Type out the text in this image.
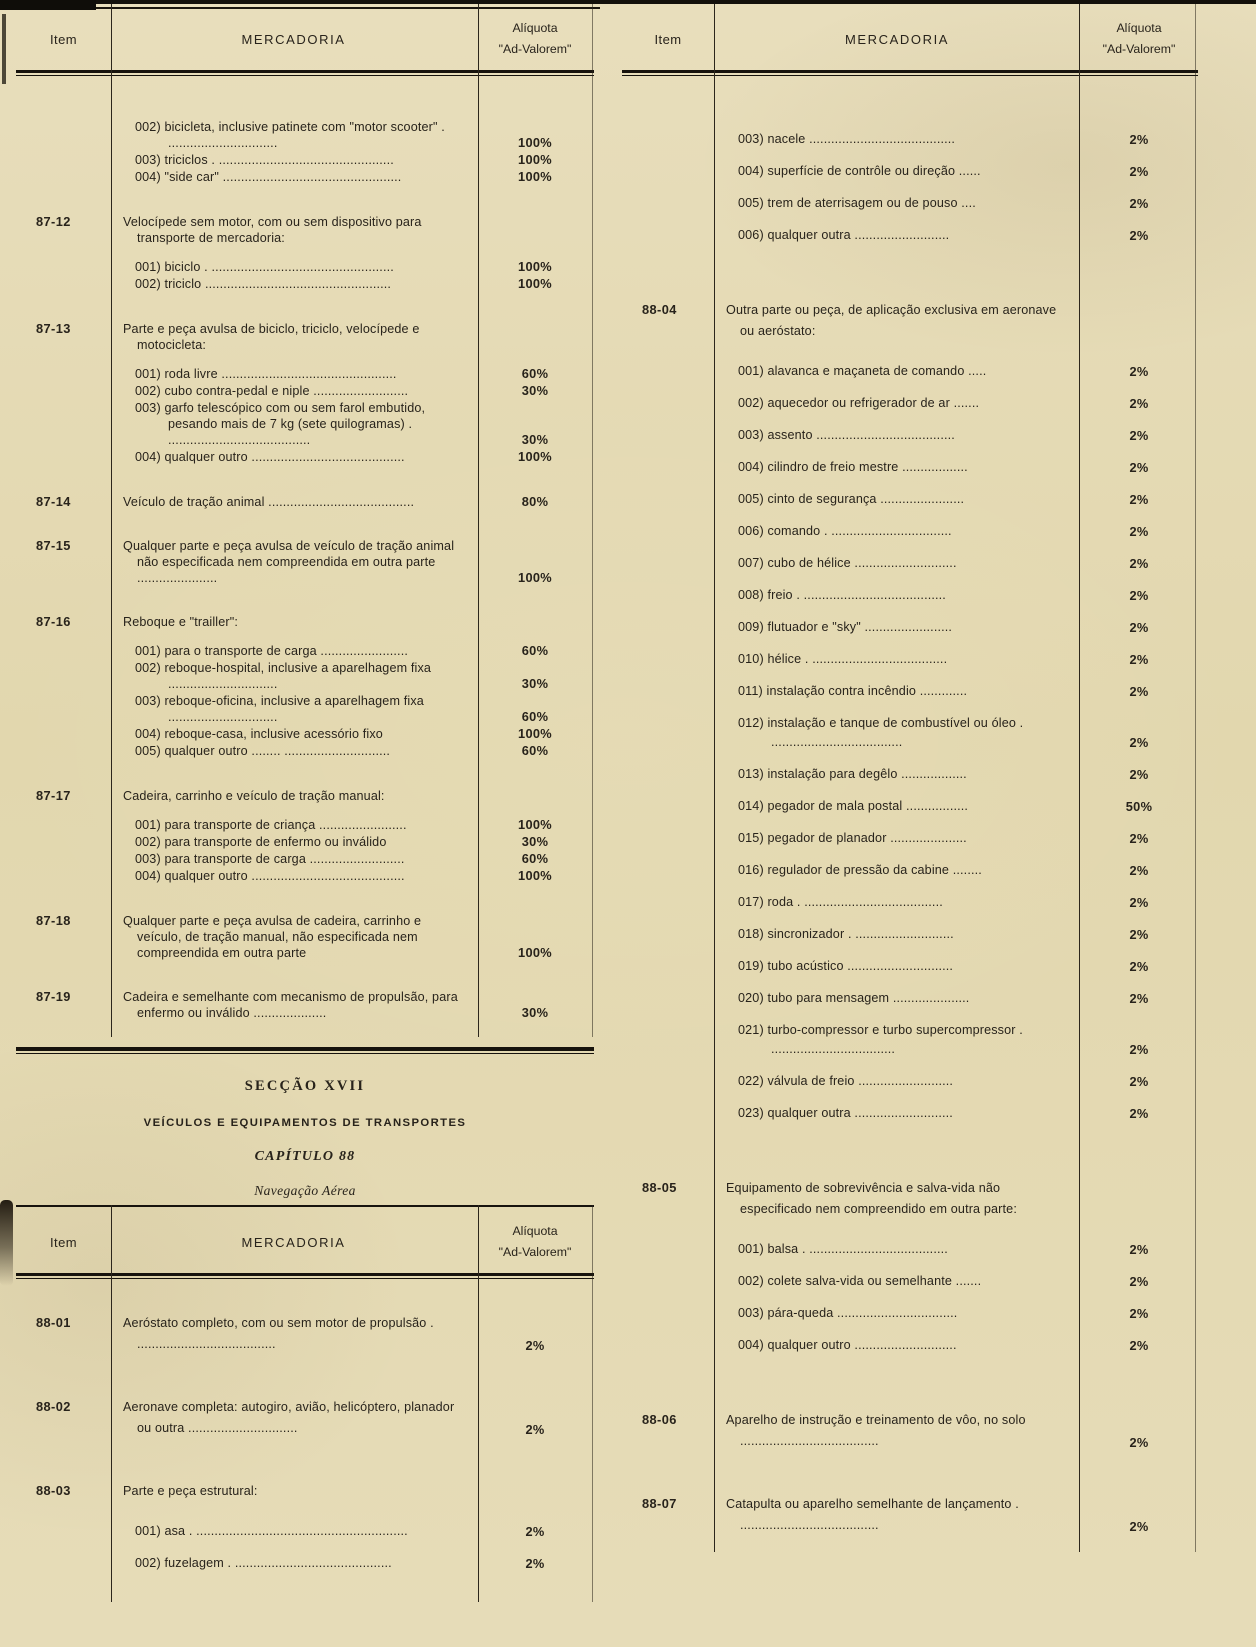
Item	MERCADORIA
Alíquota
"Ad-Valorem"
002) bicicleta, inclusive patinete com "motor scooter" . ..............................	100%
003) triciclos . ................................................	100%
004) "side car" .................................................	100%
87-12	Velocípede sem motor, com ou sem dispositivo para transporte de mercadoria:
001) biciclo . ..................................................	100%
002) triciclo ...................................................	100%
87-13	Parte e peça avulsa de biciclo, triciclo, velocípede e motocicleta:
001) roda livre ................................................	60%
002) cubo contra-pedal e niple ..........................	30%
003) garfo telescópico com ou sem farol embutido, pesando mais de 7 kg (sete quilogramas) . .......................................	30%
004) qualquer outro ..........................................	100%
87-14	Veículo de tração animal ........................................	80%
87-15	Qualquer parte e peça avulsa de veículo de tração animal não especificada nem compreendida em outra parte ......................	100%
87-16	Reboque e "trailler":
001) para o transporte de carga ........................	60%
002) reboque-hospital, inclusive a aparelhagem fixa ..............................	30%
003) reboque-oficina, inclusive a aparelhagem fixa ..............................	60%
004) reboque-casa, inclusive acessório fixo	100%
005) qualquer outro ........ .............................	60%
87-17	Cadeira, carrinho e veículo de tração manual:
001) para transporte de criança ........................	100%
002) para transporte de enfermo ou inválido	30%
003) para transporte de carga ..........................	60%
004) qualquer outro ..........................................	100%
87-18	Qualquer parte e peça avulsa de cadeira, carrinho e veículo, de tração manual, não especificada nem compreendida em outra parte	100%
87-19	Cadeira e semelhante com mecanismo de propulsão, para enfermo ou inválido ....................	30%
SECÇÃO XVII
VEÍCULOS E EQUIPAMENTOS DE TRANSPORTES
CAPÍTULO 88
Navegação Aérea
Item	MERCADORIA
Alíquota
"Ad-Valorem"
88-01	Aeróstato completo, com ou sem motor de propulsão . ......................................	2%
88-02	Aeronave completa: autogiro, avião, helicóptero, planador ou outra ..............................	2%
88-03	Parte e peça estrutural:
001) asa . ..........................................................	2%
002) fuzelagem . ...........................................	2%
Item	MERCADORIA
Alíquota
"Ad-Valorem"
003) nacele ........................................	2%
004) superfície de contrôle ou direção ......	2%
005) trem de aterrisagem ou de pouso ....	2%
006) qualquer outra ..........................	2%
88-04	Outra parte ou peça, de aplicação exclusiva em aeronave ou aeróstato:
001) alavanca e maçaneta de comando .....	2%
002) aquecedor ou refrigerador de ar .......	2%
003) assento ......................................	2%
004) cilindro de freio mestre ..................	2%
005) cinto de segurança .......................	2%
006) comando . .................................	2%
007) cubo de hélice ............................	2%
008) freio . .......................................	2%
009) flutuador e "sky" ........................	2%
010) hélice . .....................................	2%
011) instalação contra incêndio .............	2%
012) instalação e tanque de combustível ou óleo . ....................................	2%
013) instalação para degêlo ..................	2%
014) pegador de mala postal .................	50%
015) pegador de planador .....................	2%
016) regulador de pressão da cabine ........	2%
017) roda . ......................................	2%
018) sincronizador . ...........................	2%
019) tubo acústico .............................	2%
020) tubo para mensagem .....................	2%
021) turbo-compressor e turbo supercompressor . ..................................	2%
022) válvula de freio ..........................	2%
023) qualquer outra ...........................	2%
88-05	Equipamento de sobrevivência e salva-vida não especificado nem compreendido em outra parte:
001) balsa . ......................................	2%
002) colete salva-vida ou semelhante .......	2%
003) pára-queda .................................	2%
004) qualquer outro ............................	2%
88-06	Aparelho de instrução e treinamento de vôo, no solo ......................................	2%
88-07	Catapulta ou aparelho semelhante de lançamento . ......................................	2%
